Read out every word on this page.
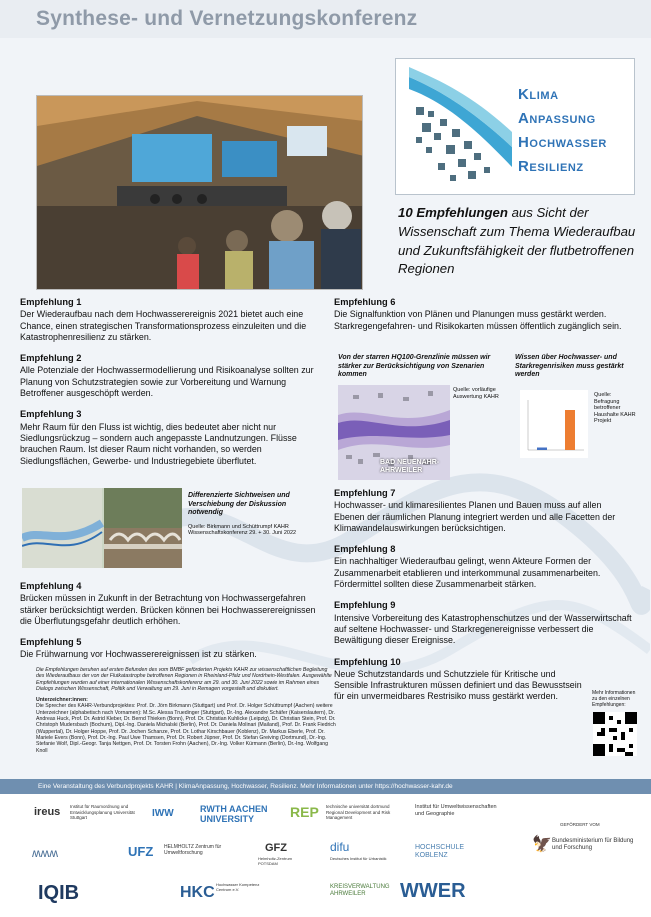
Synthese- und Vernetzungskonferenz
Klima
Anpassung
Hochwasser
Resilienz
10 Empfehlungen aus Sicht der Wissenschaft zum Thema Wiederaufbau und Zukunftsfähigkeit der flutbetroffenen Regionen
Empfehlung 1

Der Wiederaufbau nach dem Hochwasserereignis 2021 bietet auch eine Chance, einen strategischen Transformationsprozess einzuleiten und die Katastrophenresilienz zu stärken.

Empfehlung 2

Alle Potenziale der Hochwassermodellierung und Risikoanalyse sollten zur Planung von Schutzstrategien sowie zur Vorbereitung und Warnung Betroffener ausgeschöpft werden.

Empfehlung 3

Mehr Raum für den Fluss ist wichtig, dies bedeutet aber nicht nur Siedlungsrückzug – sondern auch angepasste Landnutzungen. Flüsse brauchen Raum. Ist dieser Raum nicht vorhanden, so werden Siedlungsflächen, Gewerbe- und Industriegebiete überflutet.

Differenzierte Sichtweisen und Verschiebung der Diskussion notwendig
Quelle: Birkmann und Schüttrumpf KAHR Wissenschaftskonferenz 29. + 30. Juni 2022
Empfehlung 4

Brücken müssen in Zukunft in der Betrachtung von Hochwassergefahren stärker berücksichtigt werden. Brücken können bei Hochwasserereignissen die Überflutungsgefahr deutlich erhöhen.

Empfehlung 5

Die Frühwarnung vor Hochwasserereignissen ist zu stärken.

Die Empfehlungen beruhen auf ersten Befunden des vom BMBF geförderten Projekts KAHR zur wissenschaftlichen Begleitung des Wiederaufbaus der von der Flutkatastrophe betroffenen Regionen in Rheinland-Pfalz und Nordrhein-Westfalen. Ausgewählte Empfehlungen wurden auf einer internationalen Wissenschaftskonferenz am 29. und 30. Juni 2022 sowie im Rahmen eines Dialogs zwischen Wissenschaft, Politik und Verwaltung am 29. Juni in Remagen vorgestellt und diskutiert.
Unterzeichner:innen:
Die Sprecher des KAHR-Verbundprojektes: Prof. Dr. Jörn Birkmann (Stuttgart) und Prof. Dr. Holger Schüttrumpf (Aachen) weitere Unterzeichner (alphabetisch nach Vornamen): M.Sc. Alessa Truedinger (Stuttgart), Dr.-Ing. Alexandre Schäfer (Kaiserslautern), Dr. Andreas Huck, Prof. Dr. Astrid Kleber, Dr. Bernd Thieken (Bonn), Prof. Dr. Christian Kuhlicke (Leipzig), Dr. Christian Stein, Prof. Dr. Christoph Mudersbach (Bochum), Dipl.-Ing. Daniela Michalski (Berlin), Prof. Dr. Daniela Molinari (Mailand), Prof. Dr. Frank Fiedrich (Wuppertal), Dr. Holger Hoppe, Prof. Dr. Jochen Schanze, Prof. Dr. Lothar Kirschbauer (Koblenz), Dr. Markus Eberle, Prof. Dr. Mariele Evers (Bonn), Prof. Dr.-Ing. Paul Uwe Thamsen, Prof. Dr. Robert Jüpner, Prof. Dr. Stefan Greiving (Dortmund), Dr.-Ing. Stefanie Wolf, Dipl.-Geogr. Tanja Nettgen, Prof. Dr. Torsten Frohn (Aachen), Dr.-Ing. Volker Kürmann (Berlin), Dr.-Ing. Wolfgang Knoll
Empfehlung 6

Die Signalfunktion von Plänen und Planungen muss gestärkt werden. Starkregengefahren- und Risikokarten müssen öffentlich zugänglich sein.

Von der starren HQ100-Grenzlinie müssen wir stärker zur Berücksichtigung von Szenarien kommen
BAD NEUENAHR-AHRWEILER
Quelle: vorläufige Auswertung KAHR
Wissen über Hochwasser- und Starkregenrisiken muss gestärkt werden
Quelle: Befragung betroffener Haushalte KAHR Projekt
Empfehlung 7

Hochwasser- und klimaresilientes Planen und Bauen muss auf allen Ebenen der räumlichen Planung integriert werden und alle Facetten der Klimawandelauswirkungen berücksichtigen.

Empfehlung 8

Ein nachhaltiger Wiederaufbau gelingt, wenn Akteure Formen der Zusammenarbeit etablieren und interkommunal zusammenarbeiten. Fördermittel sollten diese Zusammenarbeit stärken.

Empfehlung 9

Intensive Vorbereitung des Katastrophenschutzes und der Wasserwirtschaft auf seltene Hochwasser- und Starkregenereignisse verbessert die Bewältigung dieser Ereignisse.

Empfehlung 10

Neue Schutzstandards und Schutzziele für Kritische und Sensible Infrastrukturen müssen definiert und das Bewusstsein für ein unvermeidbares Restrisiko muss gestärkt werden.	Mehr Informationen zu den einzelnen Empfehlungen:
Eine Veranstaltung des Verbundprojekts KAHR | KlimaAnpassung, Hochwasser, Resilienz. Mehr Informationen unter https://hochwasser-kahr.de
ireus Institut für Raumordnung und Entwicklungsplanung Universität Stuttgart	IWW	RWTH AACHEN UNIVERSITY	REP technische universität dortmund Regional Development and Risk Management
Institut für Umweltwissenschaften und Geographie
GEFÖRDERT VOM
ʍʍʍ	UFZ HELMHOLTZ Zentrum für Umweltforschung	GFZ
Helmholtz-Zentrum POTSDAM
difu
Deutsches Institut für Urbanistik
HOCHSCHULE KOBLENZ
🦅 Bundesministerium für Bildung und Forschung
IQIB	HKC Hochwasser Kompetenz Centrum e.V.	KREISVERWALTUNG AHRWEILER	WWER
